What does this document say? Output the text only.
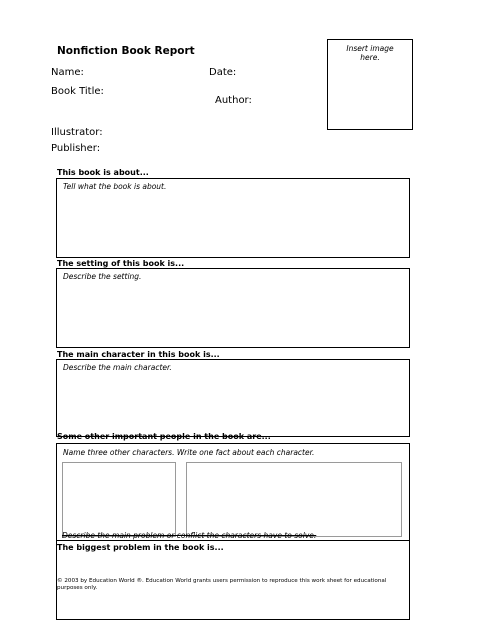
Nonfiction Book Report	Insert image here.
Name:	Date:
Book Title:
Author:
Illustrator:
Publisher:
This book is about...
Tell what the book is about.
The setting of this book is...
Describe the setting.
The main character in this book is...
Describe the main character.
Some other important people in the book are...
Name three other characters. Write one fact about each character.
Describe the main problem or conflict the characters have to solve.
The biggest problem in the book is...
© 2003 by Education World ®. Education World grants users permission to reproduce this work sheet for educational purposes only.
